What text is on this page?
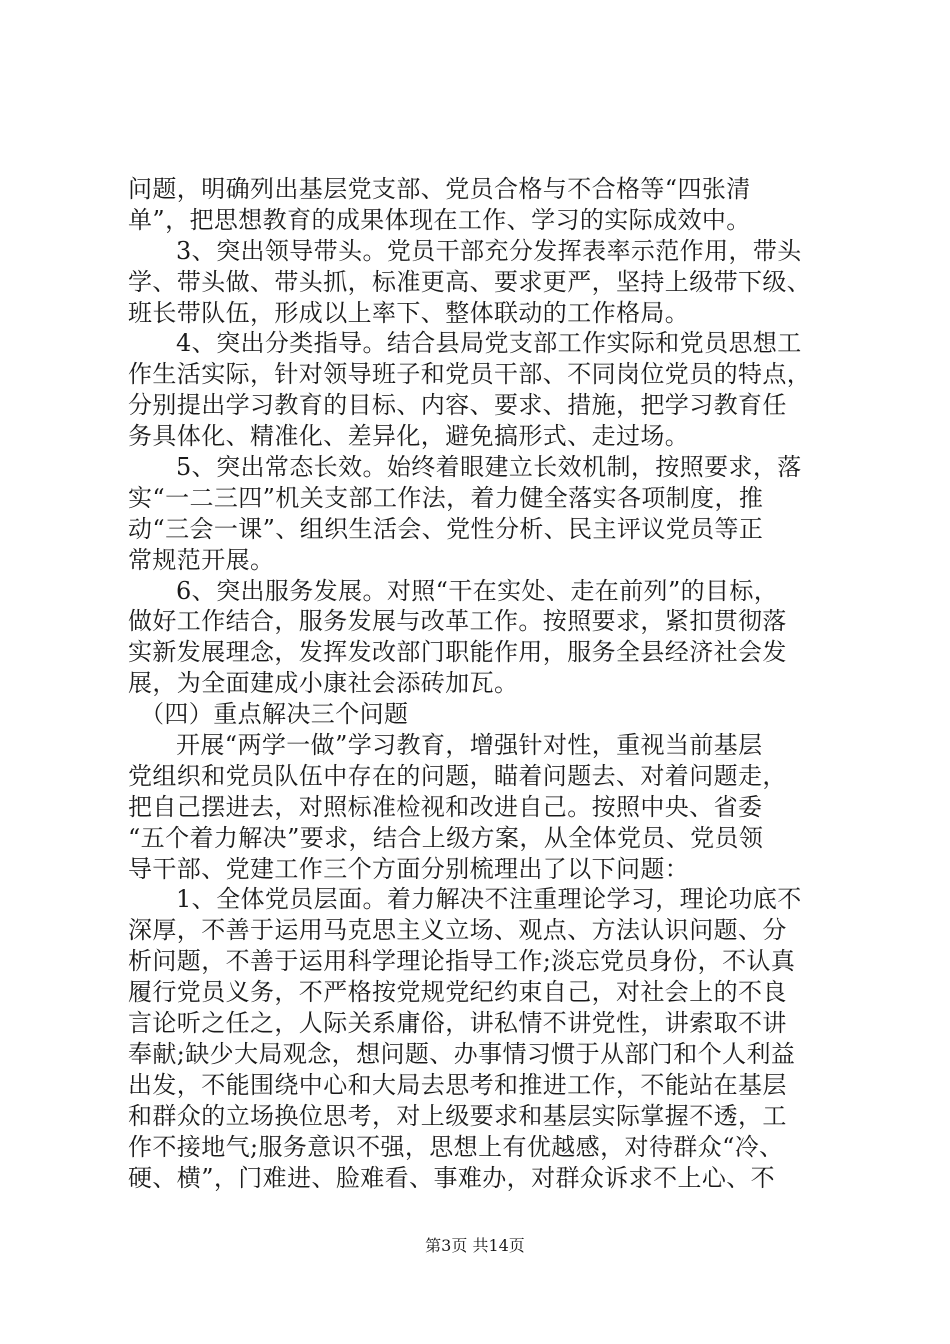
问题，明确列出基层党支部、党员合格与不合格等“四张清
单”，把思想教育的成果体现在工作、学习的实际成效中。
3、突出领导带头。党员干部充分发挥表率示范作用，带头
学、带头做、带头抓，标准更高、要求更严，坚持上级带下级、
班长带队伍，形成以上率下、整体联动的工作格局。
4、突出分类指导。结合县局党支部工作实际和党员思想工
作生活实际，针对领导班子和党员干部、不同岗位党员的特点，
分别提出学习教育的目标、内容、要求、措施，把学习教育任
务具体化、精准化、差异化，避免搞形式、走过场。
5、突出常态长效。始终着眼建立长效机制，按照要求，落
实“一二三四”机关支部工作法，着力健全落实各项制度，推
动“三会一课”、组织生活会、党性分析、民主评议党员等正
常规范开展。
6、突出服务发展。对照“干在实处、走在前列”的目标，
做好工作结合，服务发展与改革工作。按照要求，紧扣贯彻落
实新发展理念，发挥发改部门职能作用，服务全县经济社会发
展，为全面建成小康社会添砖加瓦。
（四）重点解决三个问题
开展“两学一做”学习教育，增强针对性，重视当前基层
党组织和党员队伍中存在的问题，瞄着问题去、对着问题走，
把自己摆进去，对照标准检视和改进自己。按照中央、省委
“五个着力解决”要求，结合上级方案，从全体党员、党员领
导干部、党建工作三个方面分别梳理出了以下问题：
1、全体党员层面。着力解决不注重理论学习，理论功底不
深厚，不善于运用马克思主义立场、观点、方法认识问题、分
析问题，不善于运用科学理论指导工作;淡忘党员身份，不认真
履行党员义务，不严格按党规党纪约束自己，对社会上的不良
言论听之任之，人际关系庸俗，讲私情不讲党性，讲索取不讲
奉献;缺少大局观念，想问题、办事情习惯于从部门和个人利益
出发，不能围绕中心和大局去思考和推进工作，不能站在基层
和群众的立场换位思考，对上级要求和基层实际掌握不透，工
作不接地气;服务意识不强，思想上有优越感，对待群众“冷、
硬、横”，门难进、脸难看、事难办，对群众诉求不上心、不
第3页 共14页
